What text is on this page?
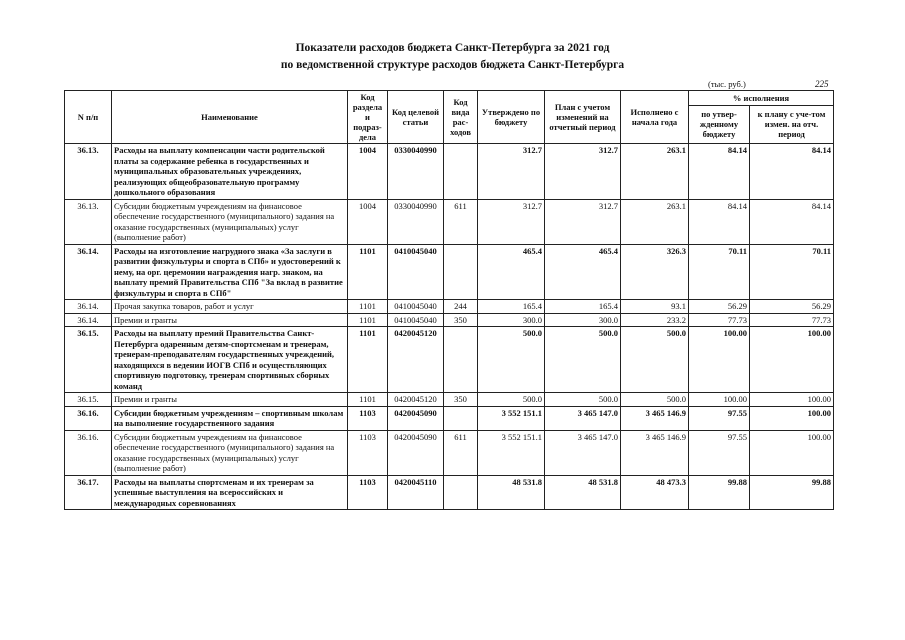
Показатели расходов бюджета Санкт-Петербурга за 2021 год
по ведомственной структуре расходов бюджета Санкт-Петербурга
(тыс. руб.)	225
N п/п	Наименование	Код раздела и подраз-дела	Код целевой статьи	Код вида рас-ходов	Утверждено по бюджету	План с учетом изменений на отчетный период	Исполнено с начала года	% исполнения	
								по утвер-жденному бюджету	к плану с уче-том измен. на отч. период
36.13.	Расходы на выплату компенсации части родительской платы за содержание ребенка в государственных и муниципальных образовательных учреждениях, реализующих общеобразовательную программу дошкольного образования	1004	0330040990		312.7	312.7	263.1	84.14	84.14
36.13.	Субсидии бюджетным учреждениям на финансовое обеспечение государственного (муниципального) задания на оказание государственных (муниципальных) услуг (выполнение работ)	1004	0330040990	611	312.7	312.7	263.1	84.14	84.14
36.14.	Расходы на изготовление нагрудного знака «За заслуги в развитии физкультуры и спорта в СПб» и удостоверений к нему, на орг. церемонии награждения нагр. знаком, на выплату премий Правительства СПб "За вклад в развитие физкультуры и спорта в СПб"	1101	0410045040		465.4	465.4	326.3	70.11	70.11
36.14.	Прочая закупка товаров, работ и услуг	1101	0410045040	244	165.4	165.4	93.1	56.29	56.29
36.14.	Премии и гранты	1101	0410045040	350	300.0	300.0	233.2	77.73	77.73
36.15.	Расходы на выплату премий Правительства Санкт-Петербурга одаренным детям-спортсменам и тренерам, тренерам-преподавателям государственных учреждений, находящихся в ведении ИОГВ СПб и осуществляющих спортивную подготовку, тренерам спортивных сборных команд	1101	0420045120		500.0	500.0	500.0	100.00	100.00
36.15.	Премии и гранты	1101	0420045120	350	500.0	500.0	500.0	100.00	100.00
36.16.	Субсидии бюджетным учреждениям – спортивным школам на выполнение государственного задания	1103	0420045090		3 552 151.1	3 465 147.0	3 465 146.9	97.55	100.00
36.16.	Субсидии бюджетным учреждениям на финансовое обеспечение государственного (муниципального) задания на оказание государственных (муниципальных) услуг (выполнение работ)	1103	0420045090	611	3 552 151.1	3 465 147.0	3 465 146.9	97.55	100.00
36.17.	Расходы на выплаты спортсменам и их тренерам за успешные выступления на всероссийских и международных соревнованиях	1103	0420045110		48 531.8	48 531.8	48 473.3	99.88	99.88
